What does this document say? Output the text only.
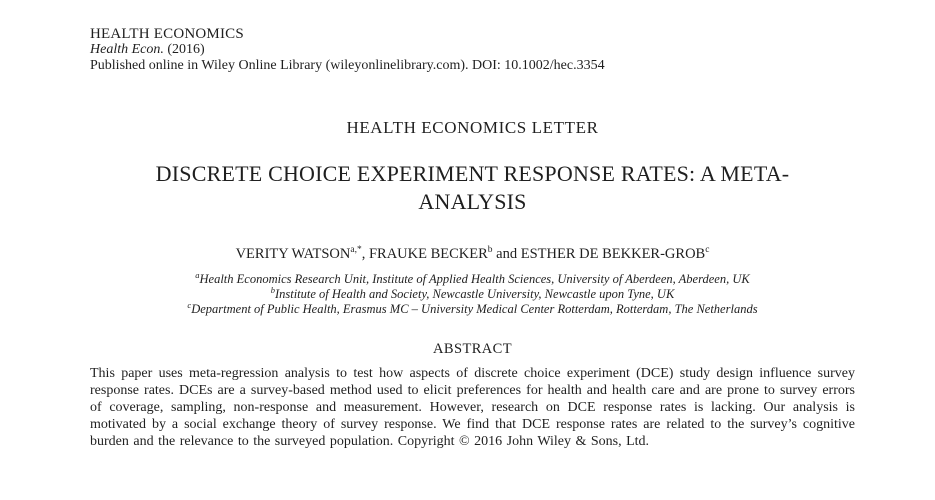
HEALTH ECONOMICS
Health Econ. (2016)
Published online in Wiley Online Library (wileyonlinelibrary.com). DOI: 10.1002/hec.3354
HEALTH ECONOMICS LETTER
DISCRETE CHOICE EXPERIMENT RESPONSE RATES: A META-ANALYSIS
VERITY $WATSON^{a,*}$, FRAUKE BECKER$^b$ and ESTHER DE BEKKER-GROB$^c$
$^a$Health Economics Research Unit, Institute of Applied Health Sciences, University of Aberdeen, Aberdeen, UK
$^b$Institute of Health and Society, Newcastle University, Newcastle upon Tyne, UK
$^c$Department of Public Health, Erasmus MC – University Medical Center Rotterdam, Rotterdam, The Netherlands
ABSTRACT
This paper uses meta-regression analysis to test how aspects of discrete choice experiment (DCE) study design influence survey response rates. DCEs are a survey-based method used to elicit preferences for health and health care and are prone to survey errors of coverage, sampling, non-response and measurement. However, research on DCE response rates is lacking. Our analysis is motivated by a social exchange theory of survey response. We find that DCE response rates are related to the survey’s cognitive burden and the relevance to the surveyed population. Copyright © 2016 John Wiley & Sons, Ltd.
